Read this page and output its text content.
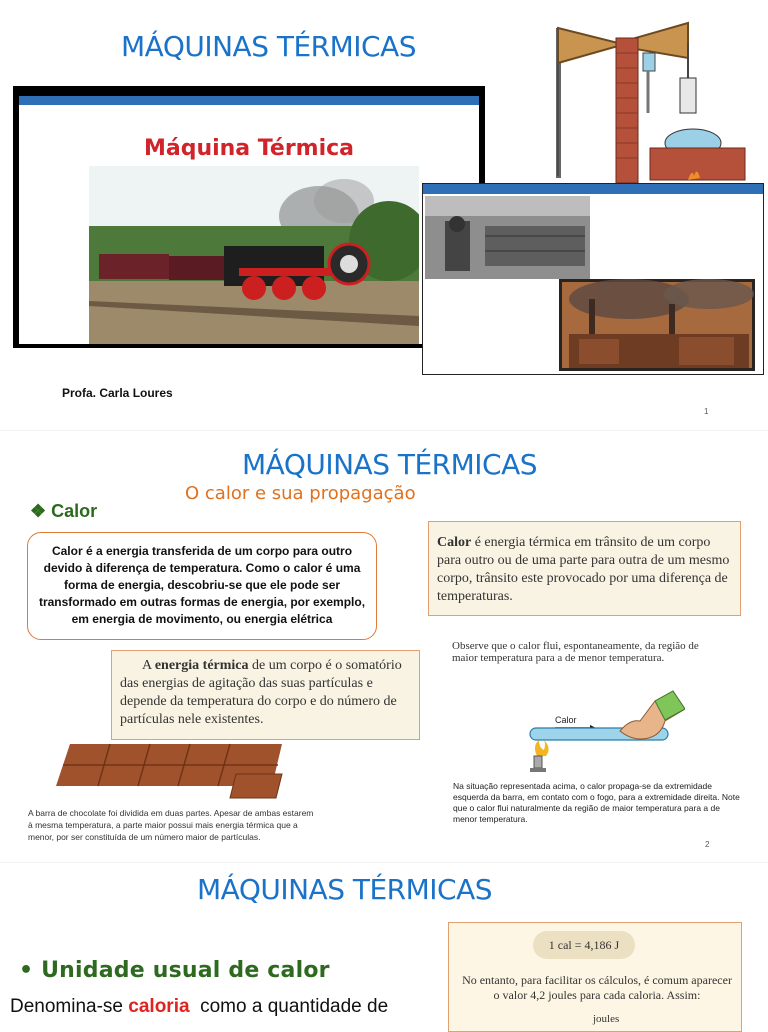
MÁQUINAS TÉRMICAS
Máquina Térmica
Profa. Carla Loures
1
MÁQUINAS TÉRMICAS
O calor e sua propagação
❖ Calor
Calor é a energia transferida de um corpo para outro devido à diferença de temperatura. Como o calor é uma forma de energia, descobriu-se que ele pode ser transformado em outras formas de energia, por exemplo, em energia de movimento, ou energia elétrica
Calor é energia térmica em trânsito de um corpo para outro ou de uma parte para outra de um mesmo corpo, trânsito este provocado por uma diferença de temperaturas.
A energia térmica de um corpo é o somatório das energias de agitação das suas partículas e depende da temperatura do corpo e do número de partículas nele existentes.
Observe que o calor flui, espontaneamente, da região de maior temperatura para a de menor temperatura.
Calor
A barra de chocolate foi dividida em duas partes. Apesar de ambas estarem à mesma temperatura, a parte maior possui mais energia térmica que a menor, por ser constituída de um número maior de partículas.
Na situação representada acima, o calor propaga-se da extremidade esquerda da barra, em contato com o fogo, para a extremidade direita. Note que o calor flui naturalmente da região de maior temperatura para a de menor temperatura.
2
MÁQUINAS TÉRMICAS
• Unidade usual de calor
Denomina-se caloria  como a quantidade de
1 cal = 4,186 J
No entanto, para facilitar os cálculos, é comum aparecer o valor 4,2 joules para cada caloria. Assim:
joules
